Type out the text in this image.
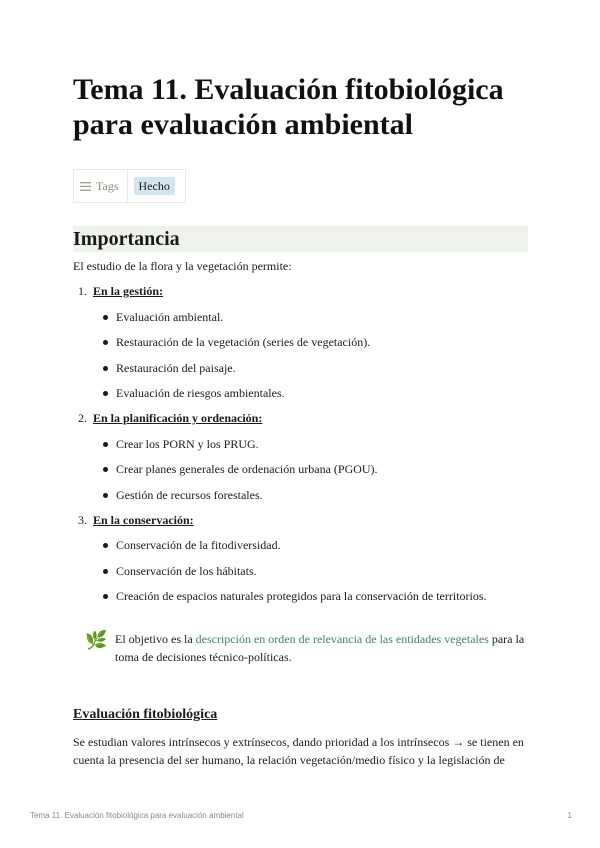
Tema 11. Evaluación fitobiológica para evaluación ambiental
Tags	Hecho
Importancia
El estudio de la flora y la vegetación permite:
1. En la gestión:
Evaluación ambiental.
Restauración de la vegetación (series de vegetación).
Restauración del paisaje.
Evaluación de riesgos ambientales.
2. En la planificación y ordenación:
Crear los PORN y los PRUG.
Crear planes generales de ordenación urbana (PGOU).
Gestión de recursos forestales.
3. En la conservación:
Conservación de la fitodiversidad.
Conservación de los hábitats.
Creación de espacios naturales protegidos para la conservación de territorios.
🌿 El objetivo es la descripción en orden de relevancia de las entidades vegetales para la toma de decisiones técnico-políticas.
Evaluación fitobiológica
Se estudian valores intrínsecos y extrínsecos, dando prioridad a los intrínsecos → se tienen en cuenta la presencia del ser humano, la relación vegetación/medio físico y la legislación de
Tema 11. Evaluación fitobiológica para evaluación ambiental	1
